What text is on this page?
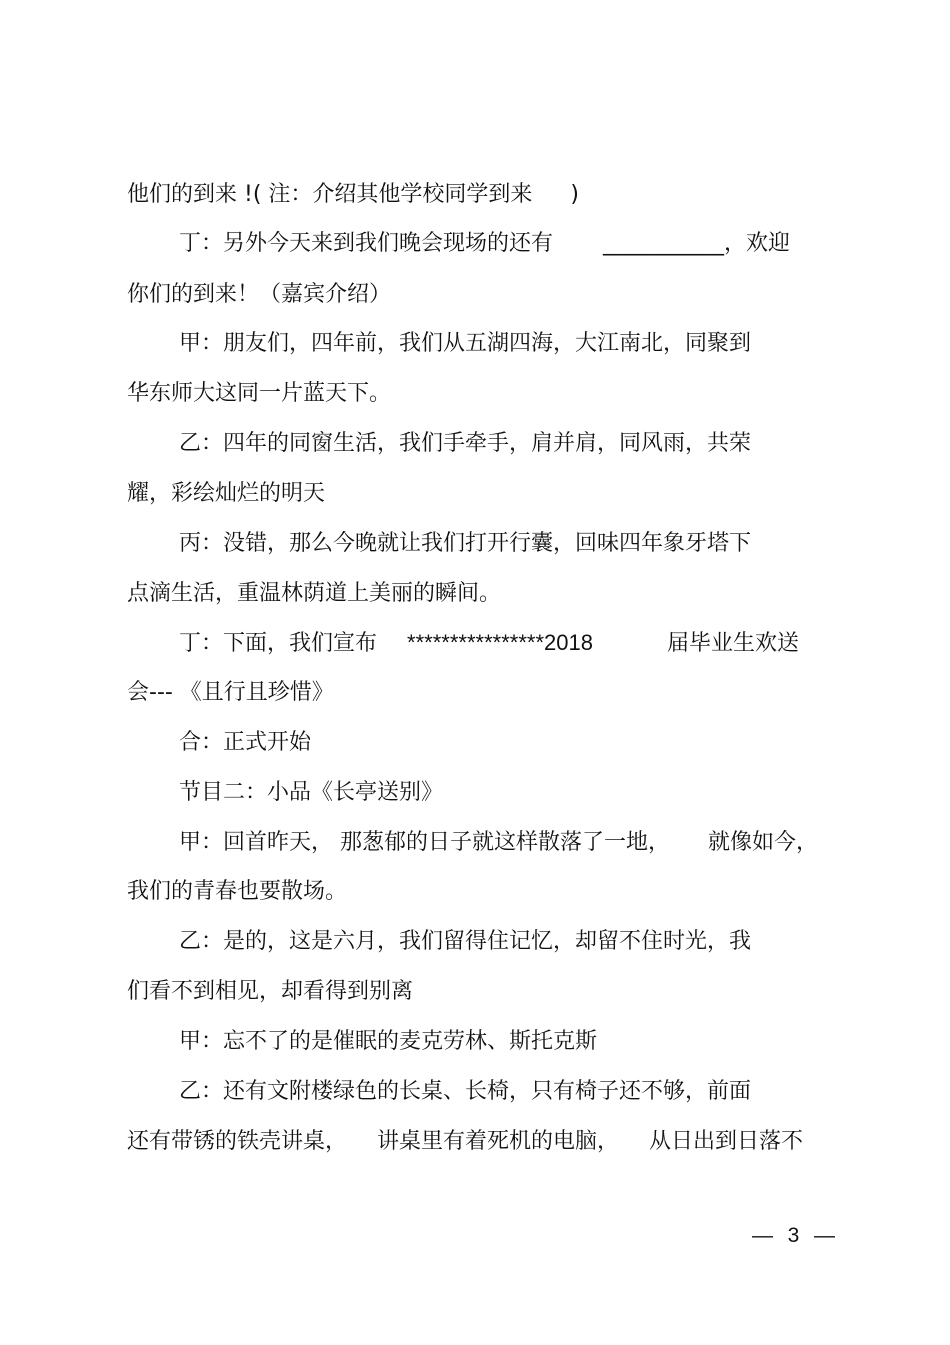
他们的到来 !( 注：介绍其他学校同学到来 )
丁：另外今天来到我们晚会现场的还有 ___________，欢迎
你们的到来！（嘉宾介绍）
甲：朋友们，四年前，我们从五湖四海，大江南北，同聚到
华东师大这同一片蓝天下。
乙：四年的同窗生活，我们手牵手，肩并肩，同风雨，共荣
耀，彩绘灿烂的明天
丙：没错，那么今晚就让我们打开行囊，回味四年象牙塔下
点滴生活，重温林荫道上美丽的瞬间。
丁：下面，我们宣布 ****************2018	届毕业生欢送
会--- 《且行且珍惜》
合：正式开始
节目二：小品《长亭送别》
甲：回首昨天， 那葱郁的日子就这样散落了一地， 就像如今，
我们的青春也要散场。
乙：是的，这是六月，我们留得住记忆，却留不住时光，我
们看不到相见，却看得到别离
甲：忘不了的是催眠的麦克劳林、斯托克斯
乙：还有文附楼绿色的长桌、长椅，只有椅子还不够，前面
还有带锈的铁壳讲桌， 讲桌里有着死机的电脑， 从日出到日落不
—  3  —
